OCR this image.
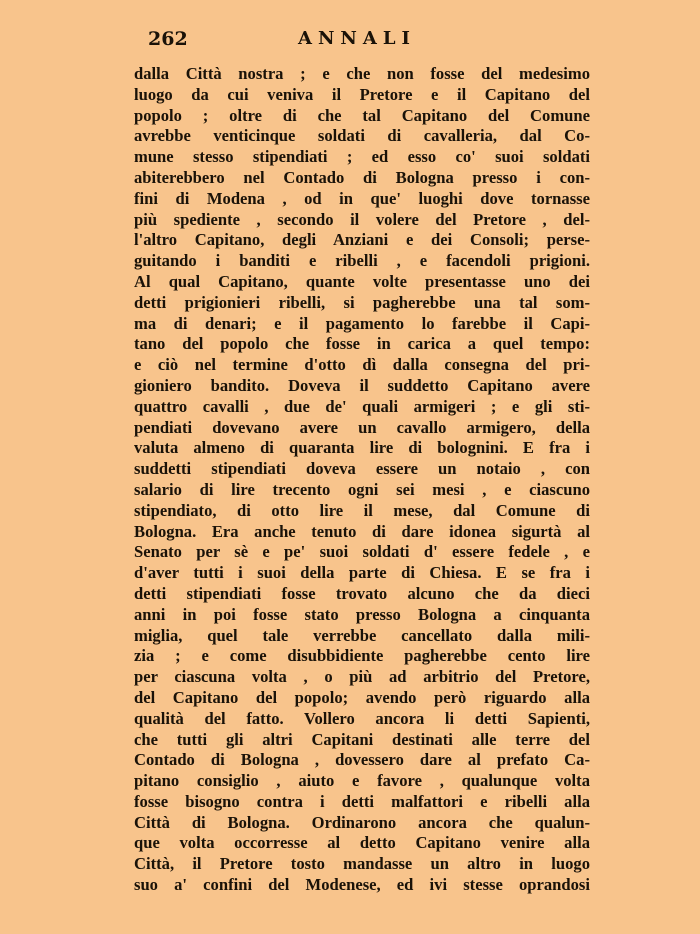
262	ANNALI
dalla Città nostra ; e che non fosse del medesimo
luogo da cui veniva il Pretore e il Capitano del
popolo ; oltre di che tal Capitano del Comune
avrebbe venticinque soldati di cavalleria, dal Co-
mune stesso stipendiati ; ed esso co' suoi soldati
abiterebbero nel Contado di Bologna presso i con-
fini di Modena , od in que' luoghi dove tornasse
più spediente , secondo il volere del Pretore , del-
l'altro Capitano, degli Anziani e dei Consoli; perse-
guitando i banditi e ribelli , e facendoli prigioni.
Al qual Capitano, quante volte presentasse uno dei
detti prigionieri ribelli, si pagherebbe una tal som-
ma di denari; e il pagamento lo farebbe il Capi-
tano del popolo che fosse in carica a quel tempo:
e ciò nel termine d'otto dì dalla consegna del pri-
gioniero bandito. Doveva il suddetto Capitano avere
quattro cavalli , due de' quali armigeri ; e gli sti-
pendiati dovevano avere un cavallo armigero, della
valuta almeno di quaranta lire di bolognini. E fra i
suddetti stipendiati doveva essere un notaio , con
salario di lire trecento ogni sei mesi , e ciascuno
stipendiato, di otto lire il mese, dal Comune di
Bologna. Era anche tenuto di dare idonea sigurtà al
Senato per sè e pe' suoi soldati d' essere fedele , e
d'aver tutti i suoi della parte di Chiesa. E se fra i
detti stipendiati fosse trovato alcuno che da dieci
anni in poi fosse stato presso Bologna a cinquanta
miglia, quel tale verrebbe cancellato dalla mili-
zia ; e come disubbidiente pagherebbe cento lire
per ciascuna volta , o più ad arbitrio del Pretore,
del Capitano del popolo; avendo però riguardo alla
qualità del fatto. Vollero ancora li detti Sapienti,
che tutti gli altri Capitani destinati alle terre del
Contado di Bologna , dovessero dare al prefato Ca-
pitano consiglio , aiuto e favore , qualunque volta
fosse bisogno contra i detti malfattori e ribelli alla
Città di Bologna. Ordinarono ancora che qualun-
que volta occorresse al detto Capitano venire alla
Città, il Pretore tosto mandasse un altro in luogo
suo a' confini del Modenese, ed ivi stesse oprandosi
